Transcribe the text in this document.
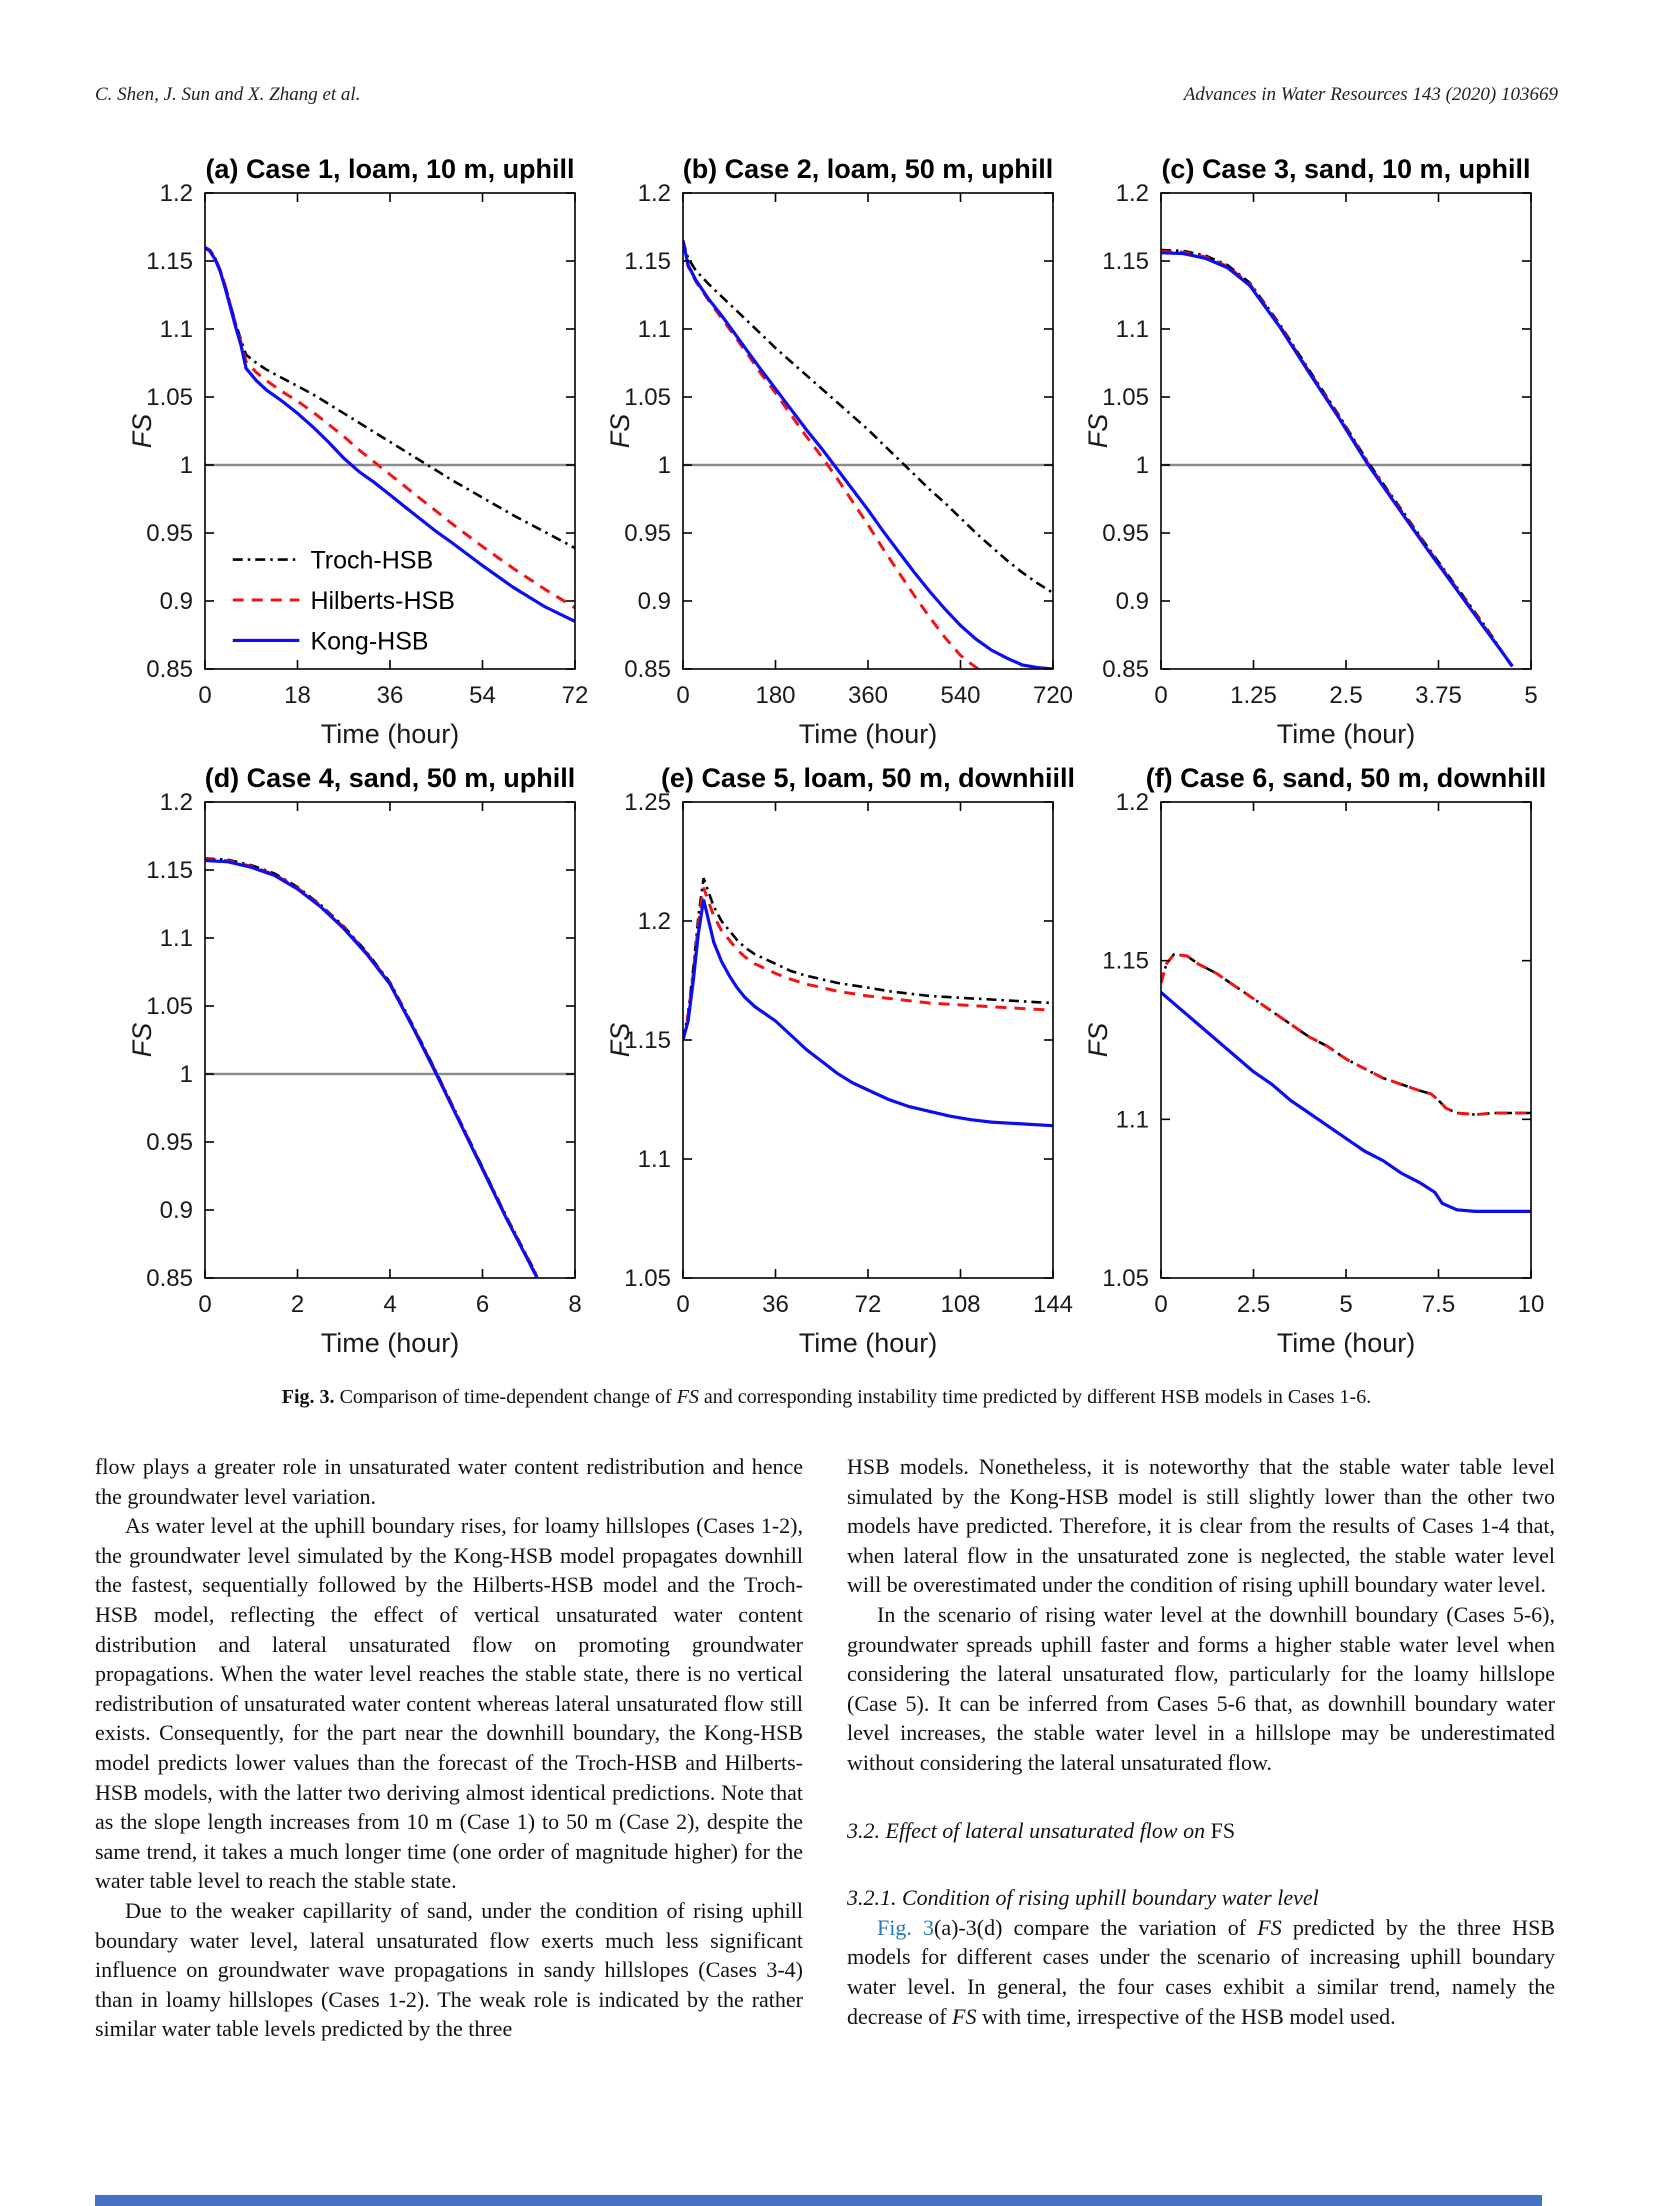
C. Shen, J. Sun and X. Zhang et al.	Advances in Water Resources 143 (2020) 103669
(a) Case 1, loam, 10 m, uphill
0	18	36	54	72
0.85
0.9
0.95
1
1.05
1.1
1.15
1.2
Time (hour)
FS
Troch-HSB
Hilberts-HSB
Kong-HSB
(b) Case 2, loam, 50 m, uphill
0	180 360 540 720
0.85
0.9
0.95
1
1.05
1.1
1.15
1.2
Time (hour)
FS
(c) Case 3, sand, 10 m, uphill
0	1.25 2.5 3.75	5
0.85
0.9
0.95
1
1.05
1.1
1.15
1.2
Time (hour)
FS
(d) Case 4, sand, 50 m, uphill
0	2	4	6	8
0.85
0.9
0.95
1
1.05
1.1
1.15
1.2
Time (hour)
FS
(e) Case 5, loam, 50 m, downhiill
0	36	72 108 144
1.05
1.1
1.15
1.2
1.25
Time (hour)
FS
(f) Case 6, sand, 50 m, downhill
0	2.5	5	7.5	10
1.05
1.1
1.15
1.2
Time (hour)
FS
Fig. 3. Comparison of time-dependent change of FS and corresponding instability time predicted by different HSB models in Cases 1-6.

flow plays a greater role in unsaturated water content redistribution and hence the groundwater level variation.

As water level at the uphill boundary rises, for loamy hillslopes (Cases 1-2), the groundwater level simulated by the Kong-HSB model propagates downhill the fastest, sequentially followed by the Hilberts-HSB model and the Troch-HSB model, reflecting the effect of vertical unsaturated water content distribution and lateral unsaturated flow on promoting groundwater propagations. When the water level reaches the stable state, there is no vertical redistribution of unsaturated water content whereas lateral unsaturated flow still exists. Consequently, for the part near the downhill boundary, the Kong-HSB model predicts lower values than the forecast of the Troch-HSB and Hilberts-HSB models, with the latter two deriving almost identical predictions. Note that as the slope length increases from 10 m (Case 1) to 50 m (Case 2), despite the same trend, it takes a much longer time (one order of magnitude higher) for the water table level to reach the stable state.

Due to the weaker capillarity of sand, under the condition of rising uphill boundary water level, lateral unsaturated flow exerts much less significant influence on groundwater wave propagations in sandy hillslopes (Cases 3-4) than in loamy hillslopes (Cases 1-2). The weak role is indicated by the rather similar water table levels predicted by the three

HSB models. Nonetheless, it is noteworthy that the stable water table level simulated by the Kong-HSB model is still slightly lower than the other two models have predicted. Therefore, it is clear from the results of Cases 1-4 that, when lateral flow in the unsaturated zone is neglected, the stable water level will be overestimated under the condition of rising uphill boundary water level.

In the scenario of rising water level at the downhill boundary (Cases 5-6), groundwater spreads uphill faster and forms a higher stable water level when considering the lateral unsaturated flow, particularly for the loamy hillslope (Case 5). It can be inferred from Cases 5-6 that, as downhill boundary water level increases, the stable water level in a hillslope may be underestimated without considering the lateral unsaturated flow.

3.2. Effect of lateral unsaturated flow on FS

3.2.1. Condition of rising uphill boundary water level

Fig. 3(a)-3(d) compare the variation of FS predicted by the three HSB models for different cases under the scenario of increasing uphill boundary water level. In general, the four cases exhibit a similar trend, namely the decrease of FS with time, irrespective of the HSB model used.
